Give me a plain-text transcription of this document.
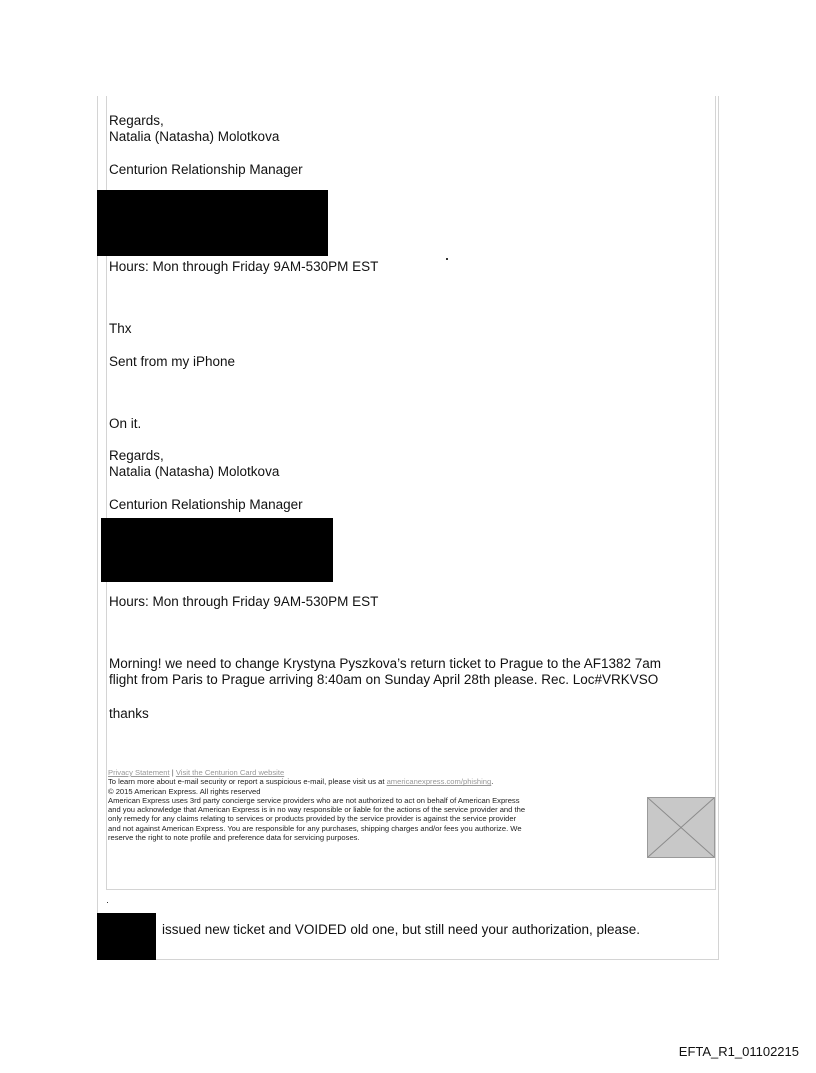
Regards,
Natalia (Natasha) Molotkova
Centurion Relationship Manager
Hours: Mon through Friday 9AM-530PM EST
Thx
Sent from my iPhone
On it.
Regards,
Natalia (Natasha) Molotkova
Centurion Relationship Manager
Hours: Mon through Friday 9AM-530PM EST
Morning! we need to change Krystyna Pyszkova’s return ticket to Prague to the AF1382 7am
flight from Paris to Prague arriving 8:40am on Sunday April 28th please. Rec. Loc#VRKVSO
thanks
Privacy Statement | Visit the Centurion Card website
To learn more about e-mail security or report a suspicious e-mail, please visit us at americanexpress.com/phishing.
© 2015 American Express. All rights reserved
American Express uses 3rd party concierge service providers who are not authorized to act on behalf of American Express
and you acknowledge that American Express is in no way responsible or liable for the actions of the service provider and the
only remedy for any claims relating to services or products provided by the service provider is against the service provider
and not against American Express. You are responsible for any purchases, shipping charges and/or fees you authorize. We
reserve the right to note profile and preference data for servicing purposes.
issued new ticket and VOIDED old one, but still need your authorization, please.
EFTA_R1_01102215
